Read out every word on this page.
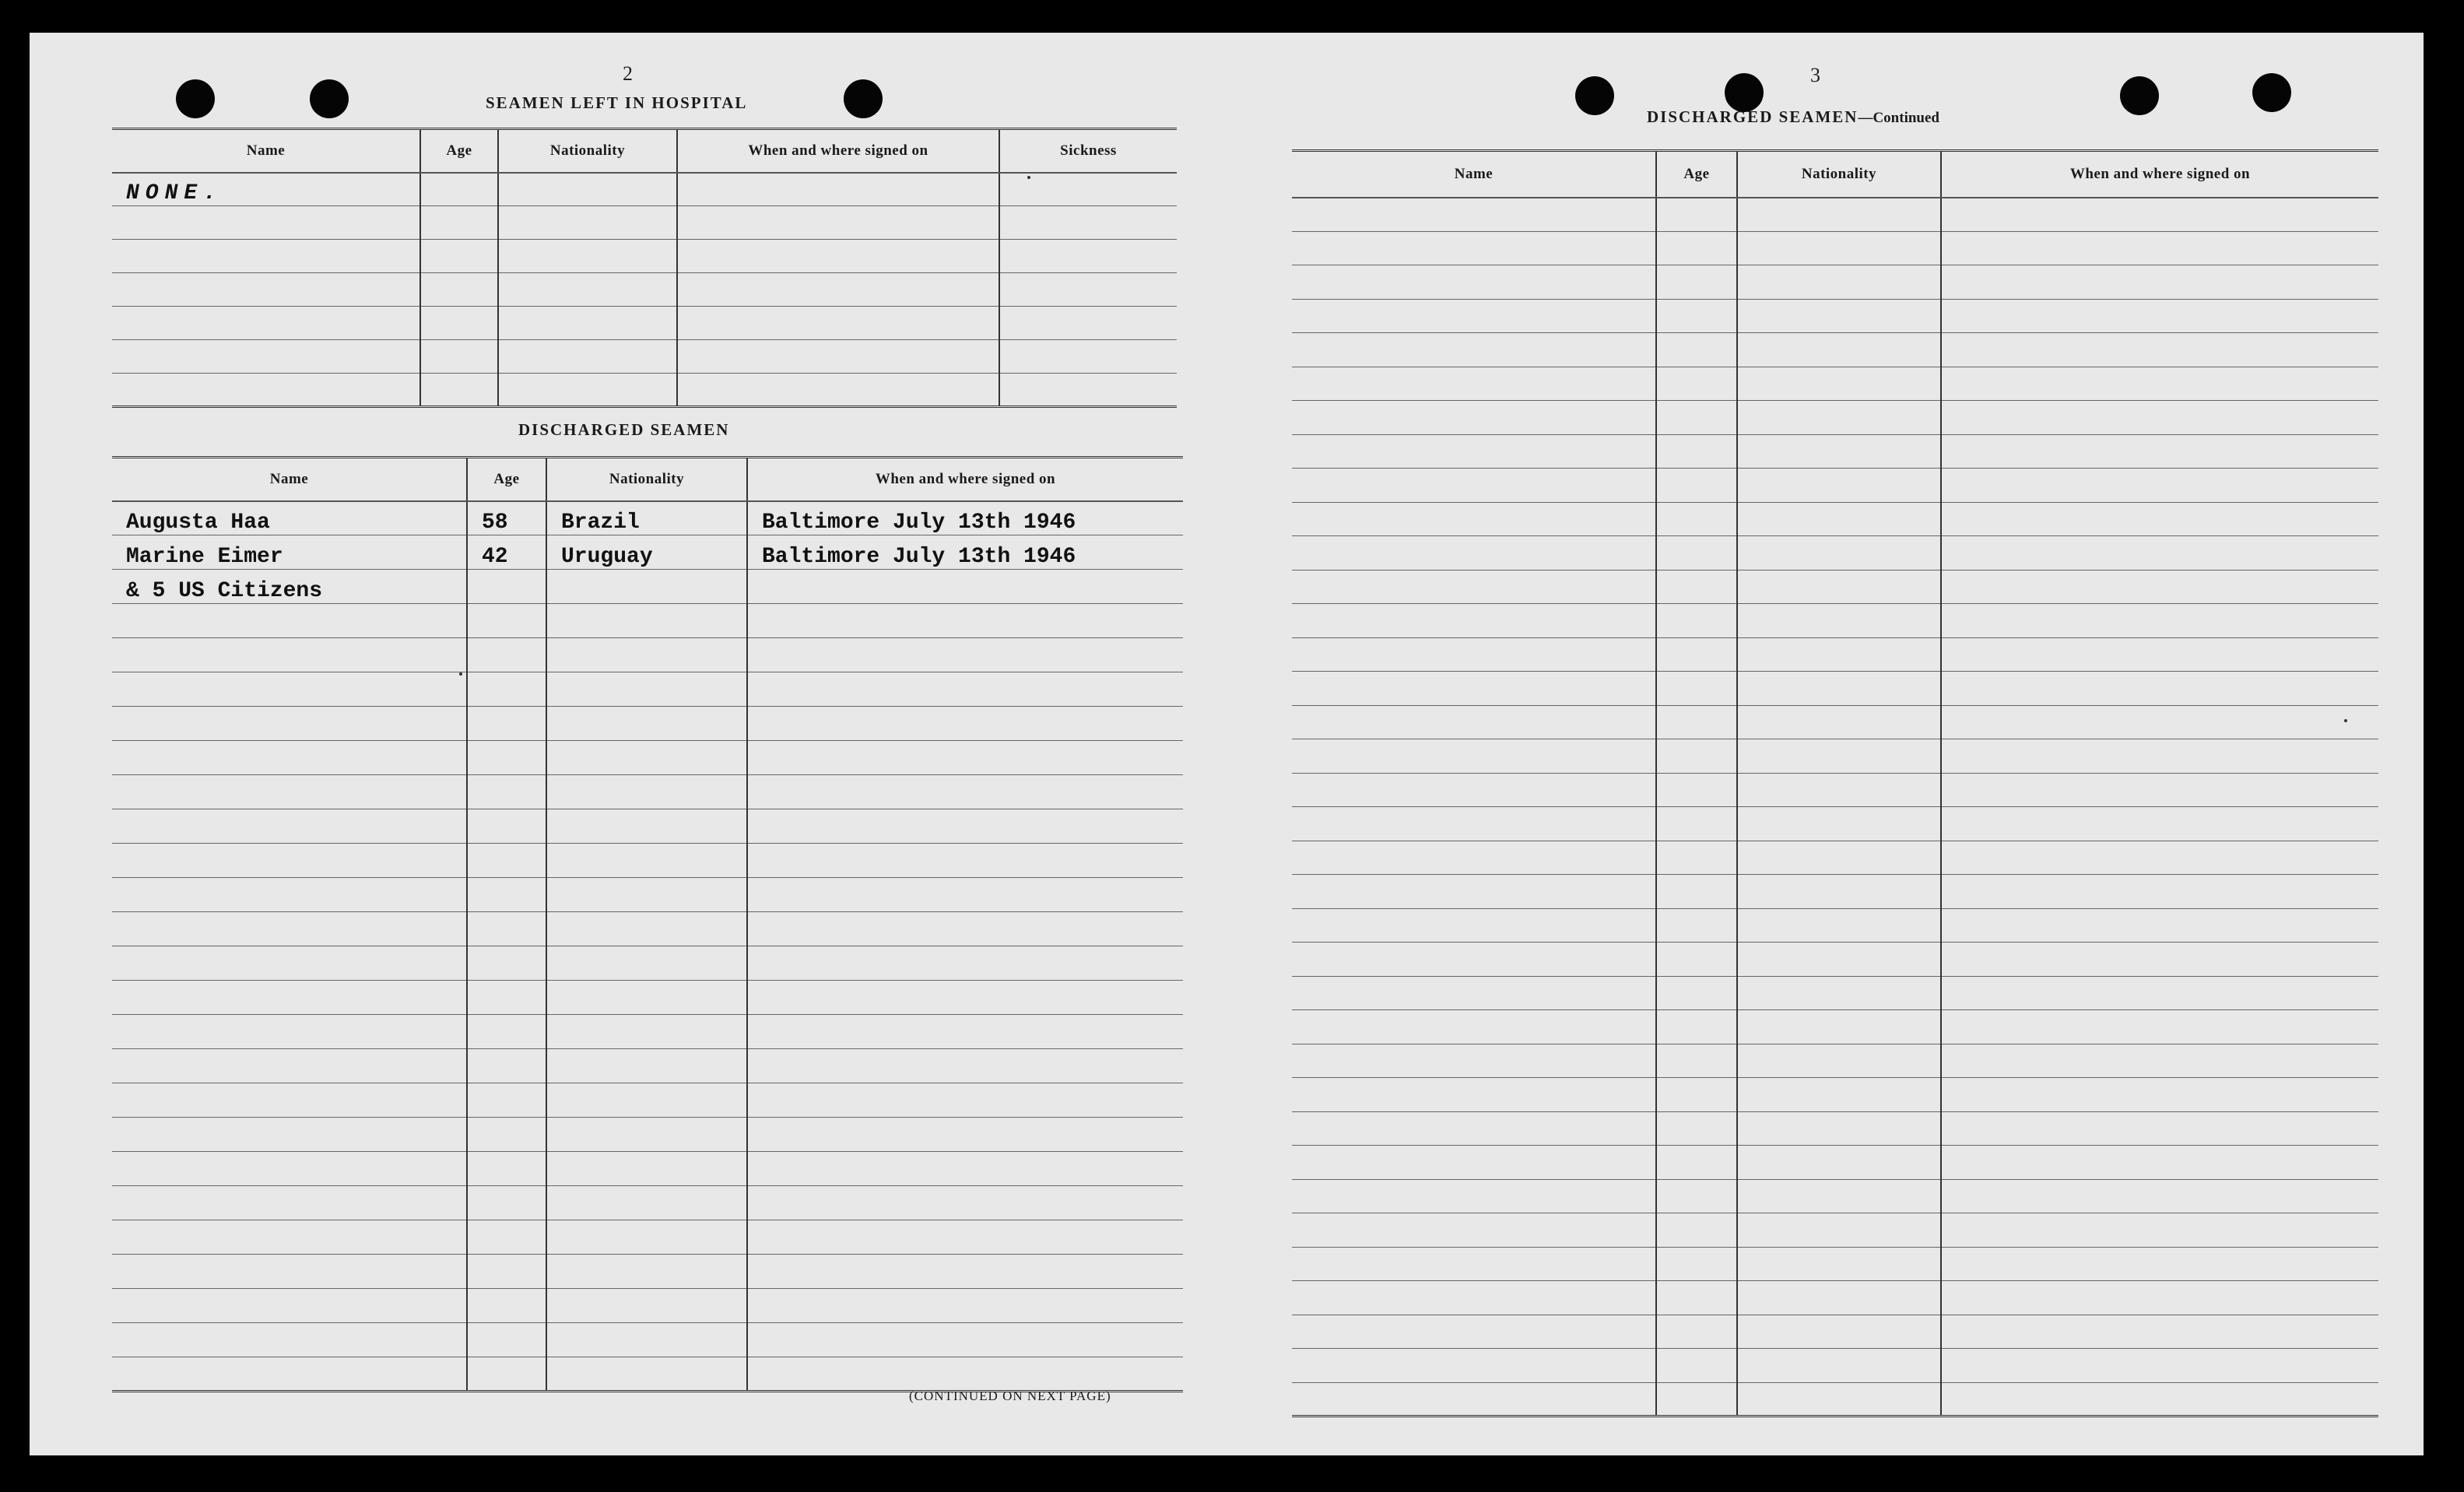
2
SEAMEN LEFT IN HOSPITAL
Name	Age	Nationality	When and where signed on	Sickness
NONE.				

DISCHARGED SEAMEN
Name	Age	Nationality	When and where signed on
Augusta Haa	58	Brazil	Baltimore July 13th 1946
Marine Eimer	42	Uruguay	Baltimore July 13th 1946
& 5 US Citizens			

(CONTINUED ON NEXT PAGE)
3
DISCHARGED SEAMEN—Continued
Name	Age	Nationality	When and where signed on
